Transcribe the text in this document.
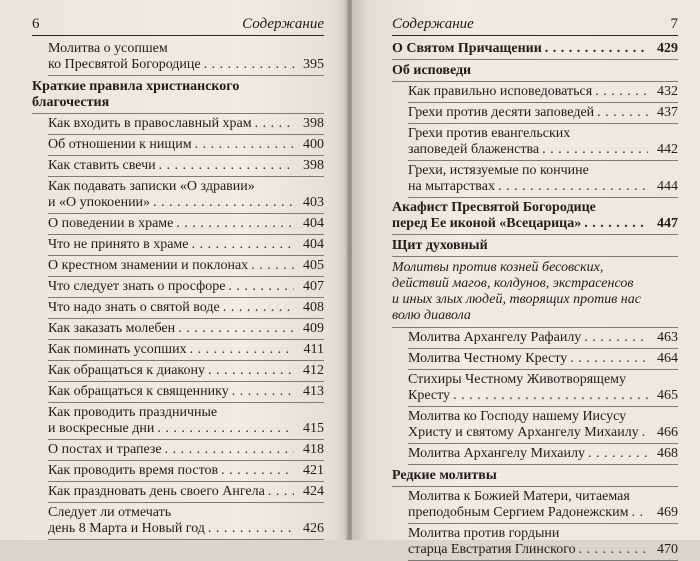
6	Содержание
Молитва о усопшем
ко Пресвятой Богородице . . .	395
Краткие правила христианского
благочестия
Как входить в православный храм . . .	398
Об отношении к нищим . . .	400
Как ставить свечи . . .	398
Как подавать записки «О здравии»
и «О упокоении» . . .	403
О поведении в храме . . .	404
Что не принято в храме . . .	404
О крестном знамении и поклонах . . .	405
Что следует знать о просфоре . . .	407
Что надо знать о святой воде . . .	408
Как заказать молебен . . .	409
Как поминать усопших . . .	411
Как обращаться к диакону . . .	412
Как обращаться к священнику . . .	413
Как проводить праздничные
и воскресные дни . . .	415
О постах и трапезе . . .	418
Как проводить время постов . . .	421
Как праздновать день своего Ангела . . .	424
Следует ли отмечать
день 8 Марта и Новый год . . .	426
Содержание	7
О Святом Причащении . . .	429
Об исповеди
Как правильно исповедоваться . . .	432
Грехи против десяти заповедей . . .	437
Грехи против евангельских
заповедей блаженства . . .	442
Грехи, истязуемые по кончине
на мытарствах . . .	444
Акафист Пресвятой Богородице
перед Ее иконой «Всецарица» . . .	447
Щит духовный
Молитвы против козней бесовских,
действий магов, колдунов, экстрасенсов
и иных злых людей, творящих против нас
волю диавола
Молитва Архангелу Рафаилу . . .	463
Молитва Честному Кресту . . .	464
Стихиры Честному Животворящему
Кресту . . .	465
Молитва ко Господу нашему Иисусу
Христу и святому Архангелу Михаилу . . .	466
Молитва Архангелу Михаилу . . .	468
Редкие молитвы
Молитва к Божией Матери, читаемая
преподобным Сергием Радонежским . . .	469
Молитва против гордыни
старца Евстратия Глинского . . .	470
